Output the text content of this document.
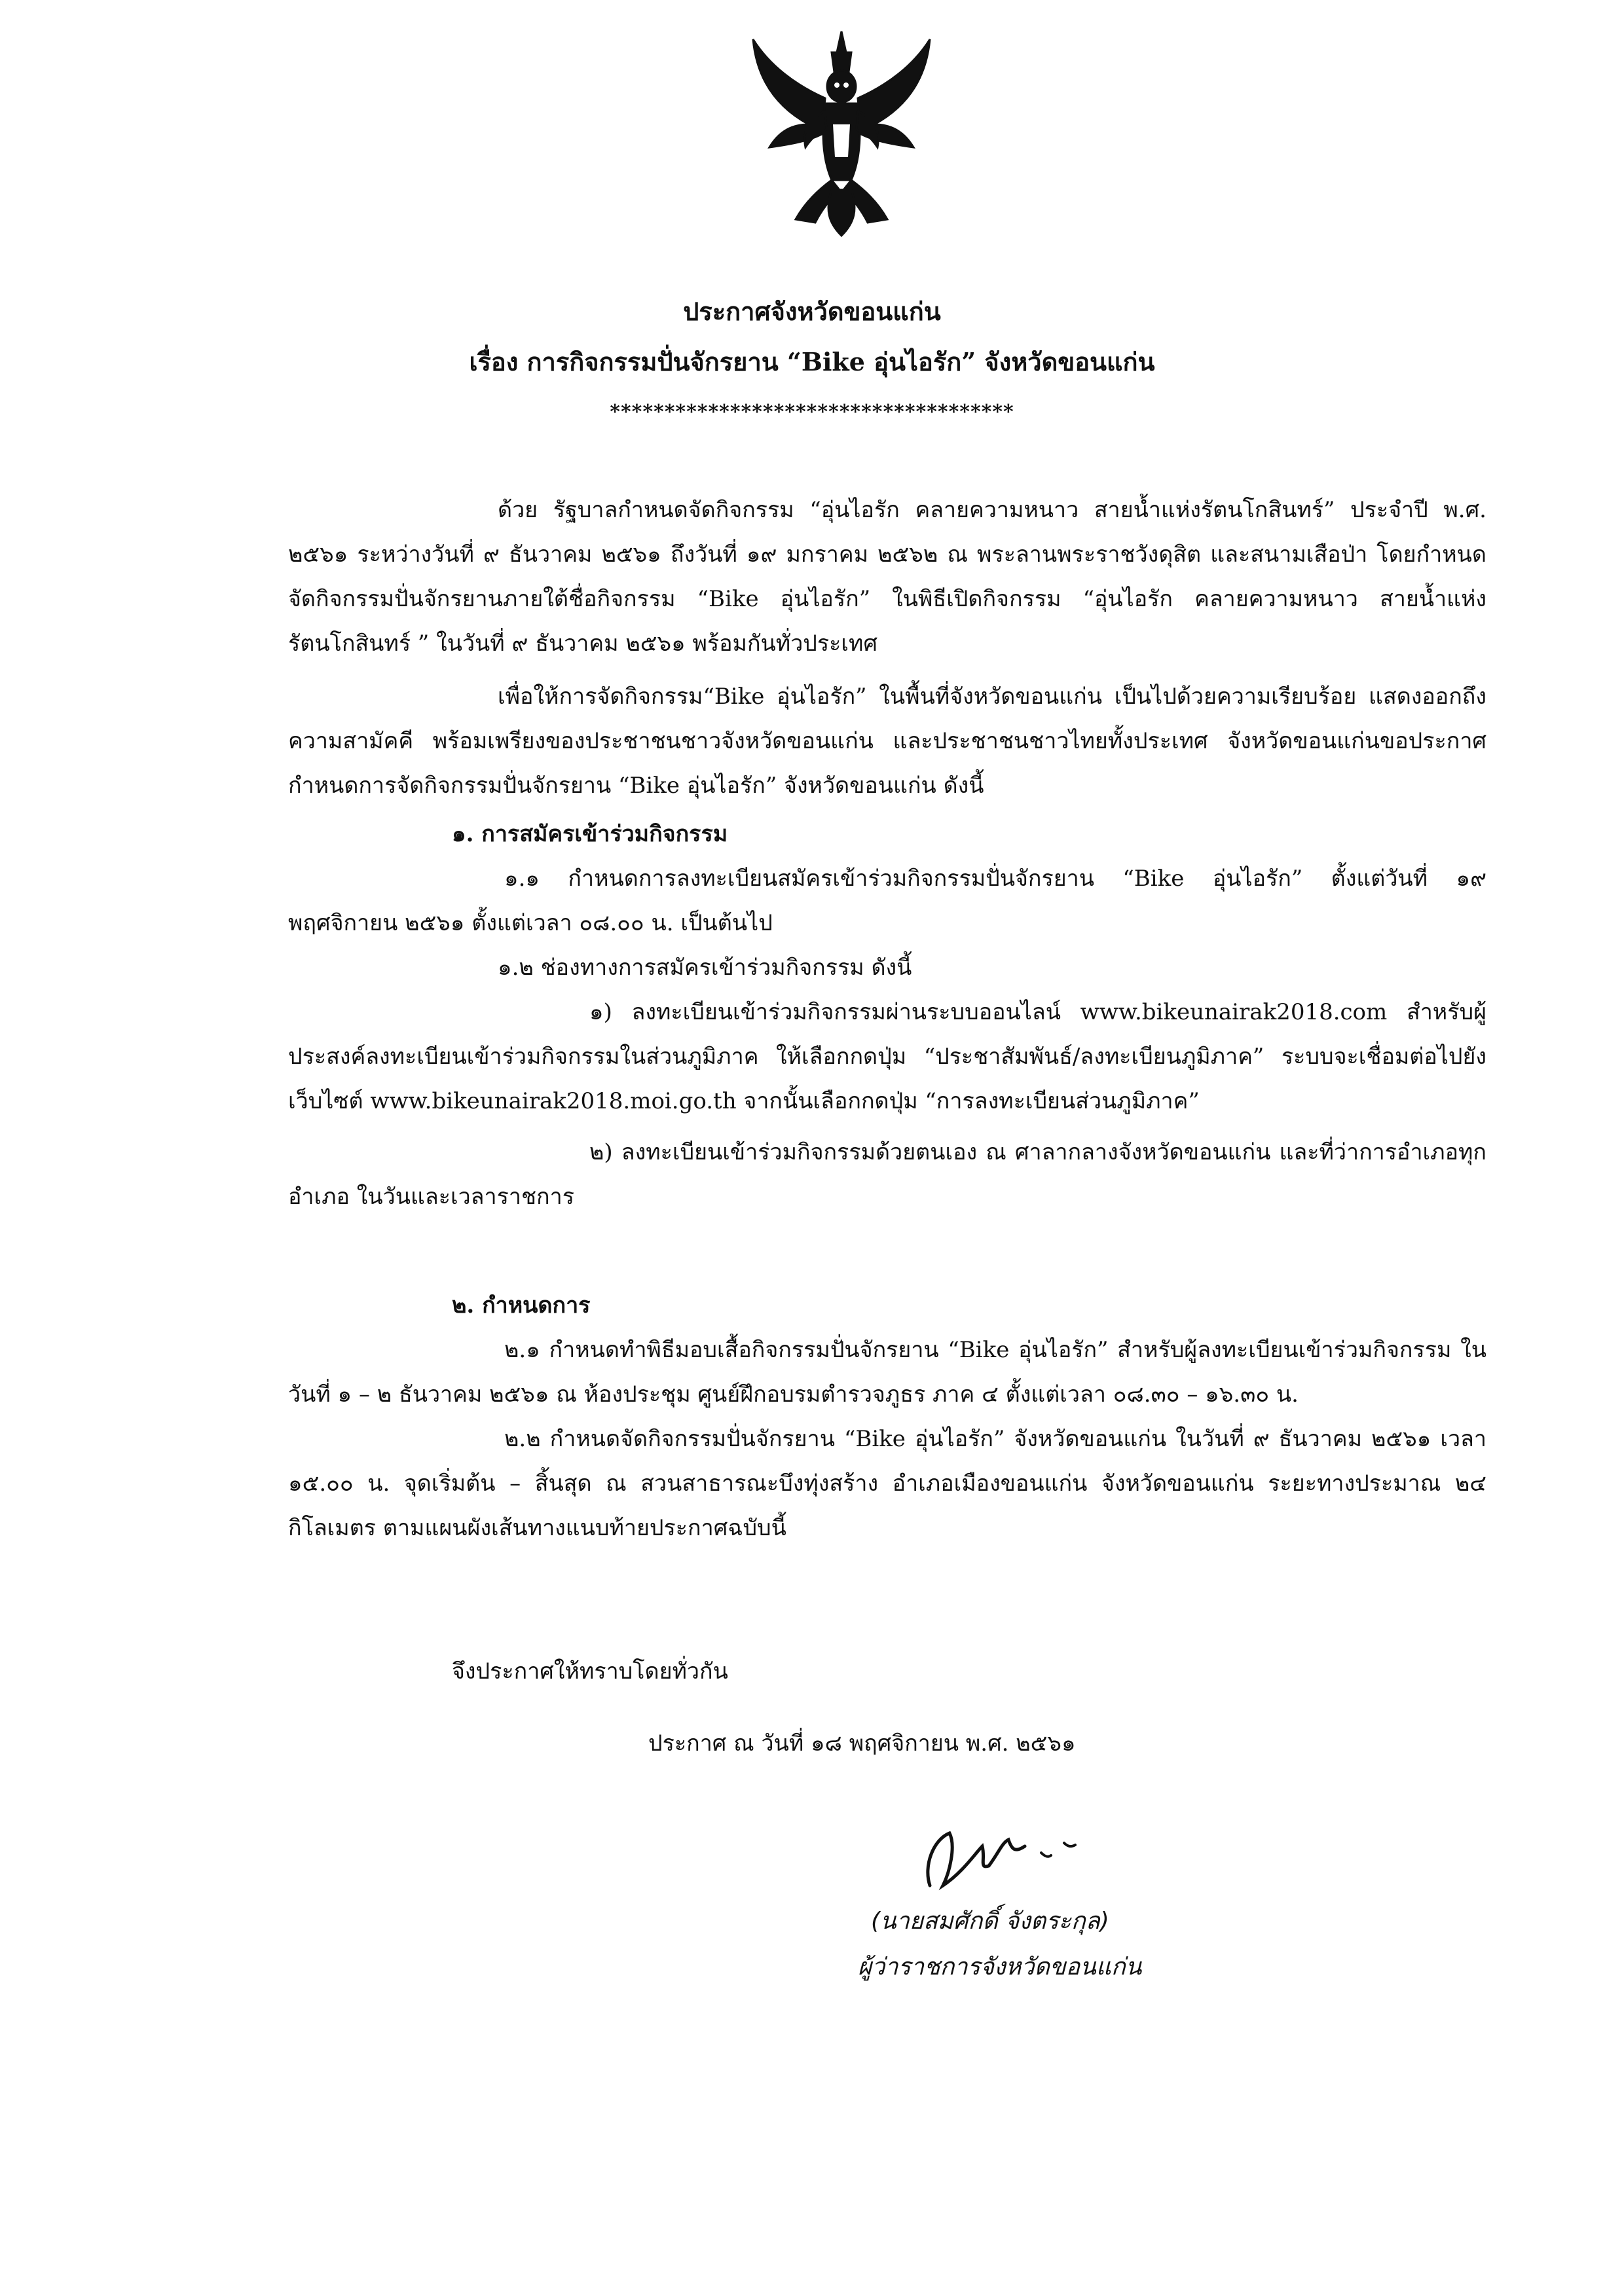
ประกาศจังหวัดขอนแก่น
เรื่อง การกิจกรรมปั่นจักรยาน “Bike อุ่นไอรัก” จังหวัดขอนแก่น
*************************************

ด้วย รัฐบาลกำหนดจัดกิจกรรม “อุ่นไอรัก คลายความหนาว สายน้ำแห่งรัตนโกสินทร์” ประจำปี พ.ศ. ๒๕๖๑ ระหว่างวันที่ ๙ ธันวาคม ๒๕๖๑ ถึงวันที่ ๑๙ มกราคม ๒๕๖๒ ณ พระลานพระราชวังดุสิต และสนามเสือป่า โดยกำหนดจัดกิจกรรมปั่นจักรยานภายใต้ชื่อกิจกรรม “Bike อุ่นไอรัก” ในพิธีเปิดกิจกรรม “อุ่นไอรัก คลายความหนาว สายน้ำแห่งรัตนโกสินทร์ ” ในวันที่ ๙ ธันวาคม ๒๕๖๑ พร้อมกันทั่วประเทศ

เพื่อให้การจัดกิจกรรม“Bike อุ่นไอรัก” ในพื้นที่จังหวัดขอนแก่น เป็นไปด้วยความเรียบร้อย แสดงออกถึงความสามัคคี พร้อมเพรียงของประชาชนชาวจังหวัดขอนแก่น และประชาชนชาวไทยทั้งประเทศ จังหวัดขอนแก่นขอประกาศกำหนดการจัดกิจกรรมปั่นจักรยาน “Bike อุ่นไอรัก” จังหวัดขอนแก่น ดังนี้

๑. การสมัครเข้าร่วมกิจกรรม

๑.๑ กำหนดการลงทะเบียนสมัครเข้าร่วมกิจกรรมปั่นจักรยาน “Bike อุ่นไอรัก” ตั้งแต่วันที่ ๑๙ พฤศจิกายน ๒๕๖๑ ตั้งแต่เวลา ๐๘.๐๐ น. เป็นต้นไป

๑.๒ ช่องทางการสมัครเข้าร่วมกิจกรรม ดังนี้

๑) ลงทะเบียนเข้าร่วมกิจกรรมผ่านระบบออนไลน์ www.bikeunairak2018.com สำหรับผู้ประสงค์ลงทะเบียนเข้าร่วมกิจกรรมในส่วนภูมิภาค ให้เลือกกดปุ่ม “ประชาสัมพันธ์/ลงทะเบียนภูมิภาค” ระบบจะเชื่อมต่อไปยังเว็บไซต์ www.bikeunairak2018.moi.go.th จากนั้นเลือกกดปุ่ม “การลงทะเบียนส่วนภูมิภาค”

๒) ลงทะเบียนเข้าร่วมกิจกรรมด้วยตนเอง ณ ศาลากลางจังหวัดขอนแก่น และที่ว่าการอำเภอทุกอำเภอ ในวันและเวลาราชการ

๒. กำหนดการ

๒.๑ กำหนดทำพิธีมอบเสื้อกิจกรรมปั่นจักรยาน “Bike อุ่นไอรัก” สำหรับผู้ลงทะเบียนเข้าร่วมกิจกรรม ในวันที่ ๑ – ๒ ธันวาคม ๒๕๖๑ ณ ห้องประชุม ศูนย์ฝึกอบรมตำรวจภูธร ภาค ๔ ตั้งแต่เวลา ๐๘.๓๐ – ๑๖.๓๐ น.

๒.๒ กำหนดจัดกิจกรรมปั่นจักรยาน “Bike อุ่นไอรัก” จังหวัดขอนแก่น ในวันที่ ๙ ธันวาคม ๒๕๖๑ เวลา ๑๕.๐๐ น. จุดเริ่มต้น – สิ้นสุด ณ สวนสาธารณะบึงทุ่งสร้าง อำเภอเมืองขอนแก่น จังหวัดขอนแก่น ระยะทางประมาณ ๒๔ กิโลเมตร ตามแผนผังเส้นทางแนบท้ายประกาศฉบับนี้

จึงประกาศให้ทราบโดยทั่วกัน
ประกาศ ณ วันที่ ๑๘ พฤศจิกายน พ.ศ. ๒๕๖๑
(นายสมศักดิ์ จังตระกุล)
ผู้ว่าราชการจังหวัดขอนแก่น
